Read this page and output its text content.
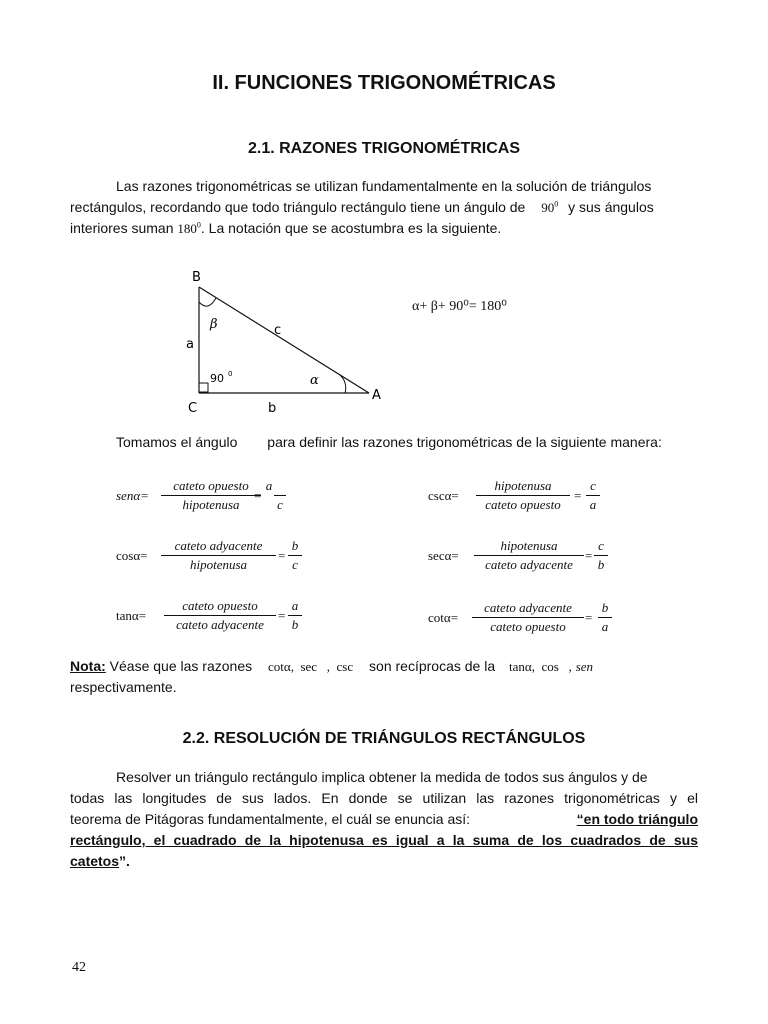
II. FUNCIONES TRIGONOMÉTRICAS
2.1. RAZONES TRIGONOMÉTRICAS
Las razones trigonométricas se utilizan fundamentalmente en la solución de triángulos
rectángulos, recordando que todo triángulo rectángulo tiene un ángulo de $90^0$ y sus ángulos
interiores suman $180^0$. La notación que se acostumbra es la siguiente.
B
C
A
a
b
c
β
α
90 0
α+ β+ 90⁰= 180⁰
Tomamos el ángulo para definir las razones trigonométricas de la siguiente manera:
senα=
cateto opuesto
hipotenusa
=
a
c
cosα=
cateto adyacente
hipotenusa
=
b
c
tanα=
cateto opuesto
cateto adyacente
=
a
b
cscα=
hipotenusa
cateto opuesto
=
c
a
secα=
hipotenusa
cateto adyacente
=
c
b
cotα=
cateto adyacente
cateto opuesto
=
b
a
Nota: Véase que las razones cotα,  sec   ,  csc son recíprocas de la tanα,  cos   , sen
respectivamente.
2.2. RESOLUCIÓN DE TRIÁNGULOS RECTÁNGULOS
Resolver un triángulo rectángulo implica obtener la medida de todos sus ángulos y de
todas las longitudes de sus lados. En donde se utilizan las razones trigonométricas y el
teorema de Pitágoras fundamentalmente, el cuál se enuncia así:	“en todo triángulo
rectángulo, el cuadrado de la hipotenusa es igual a la suma de los cuadrados de sus
catetos”.
42
